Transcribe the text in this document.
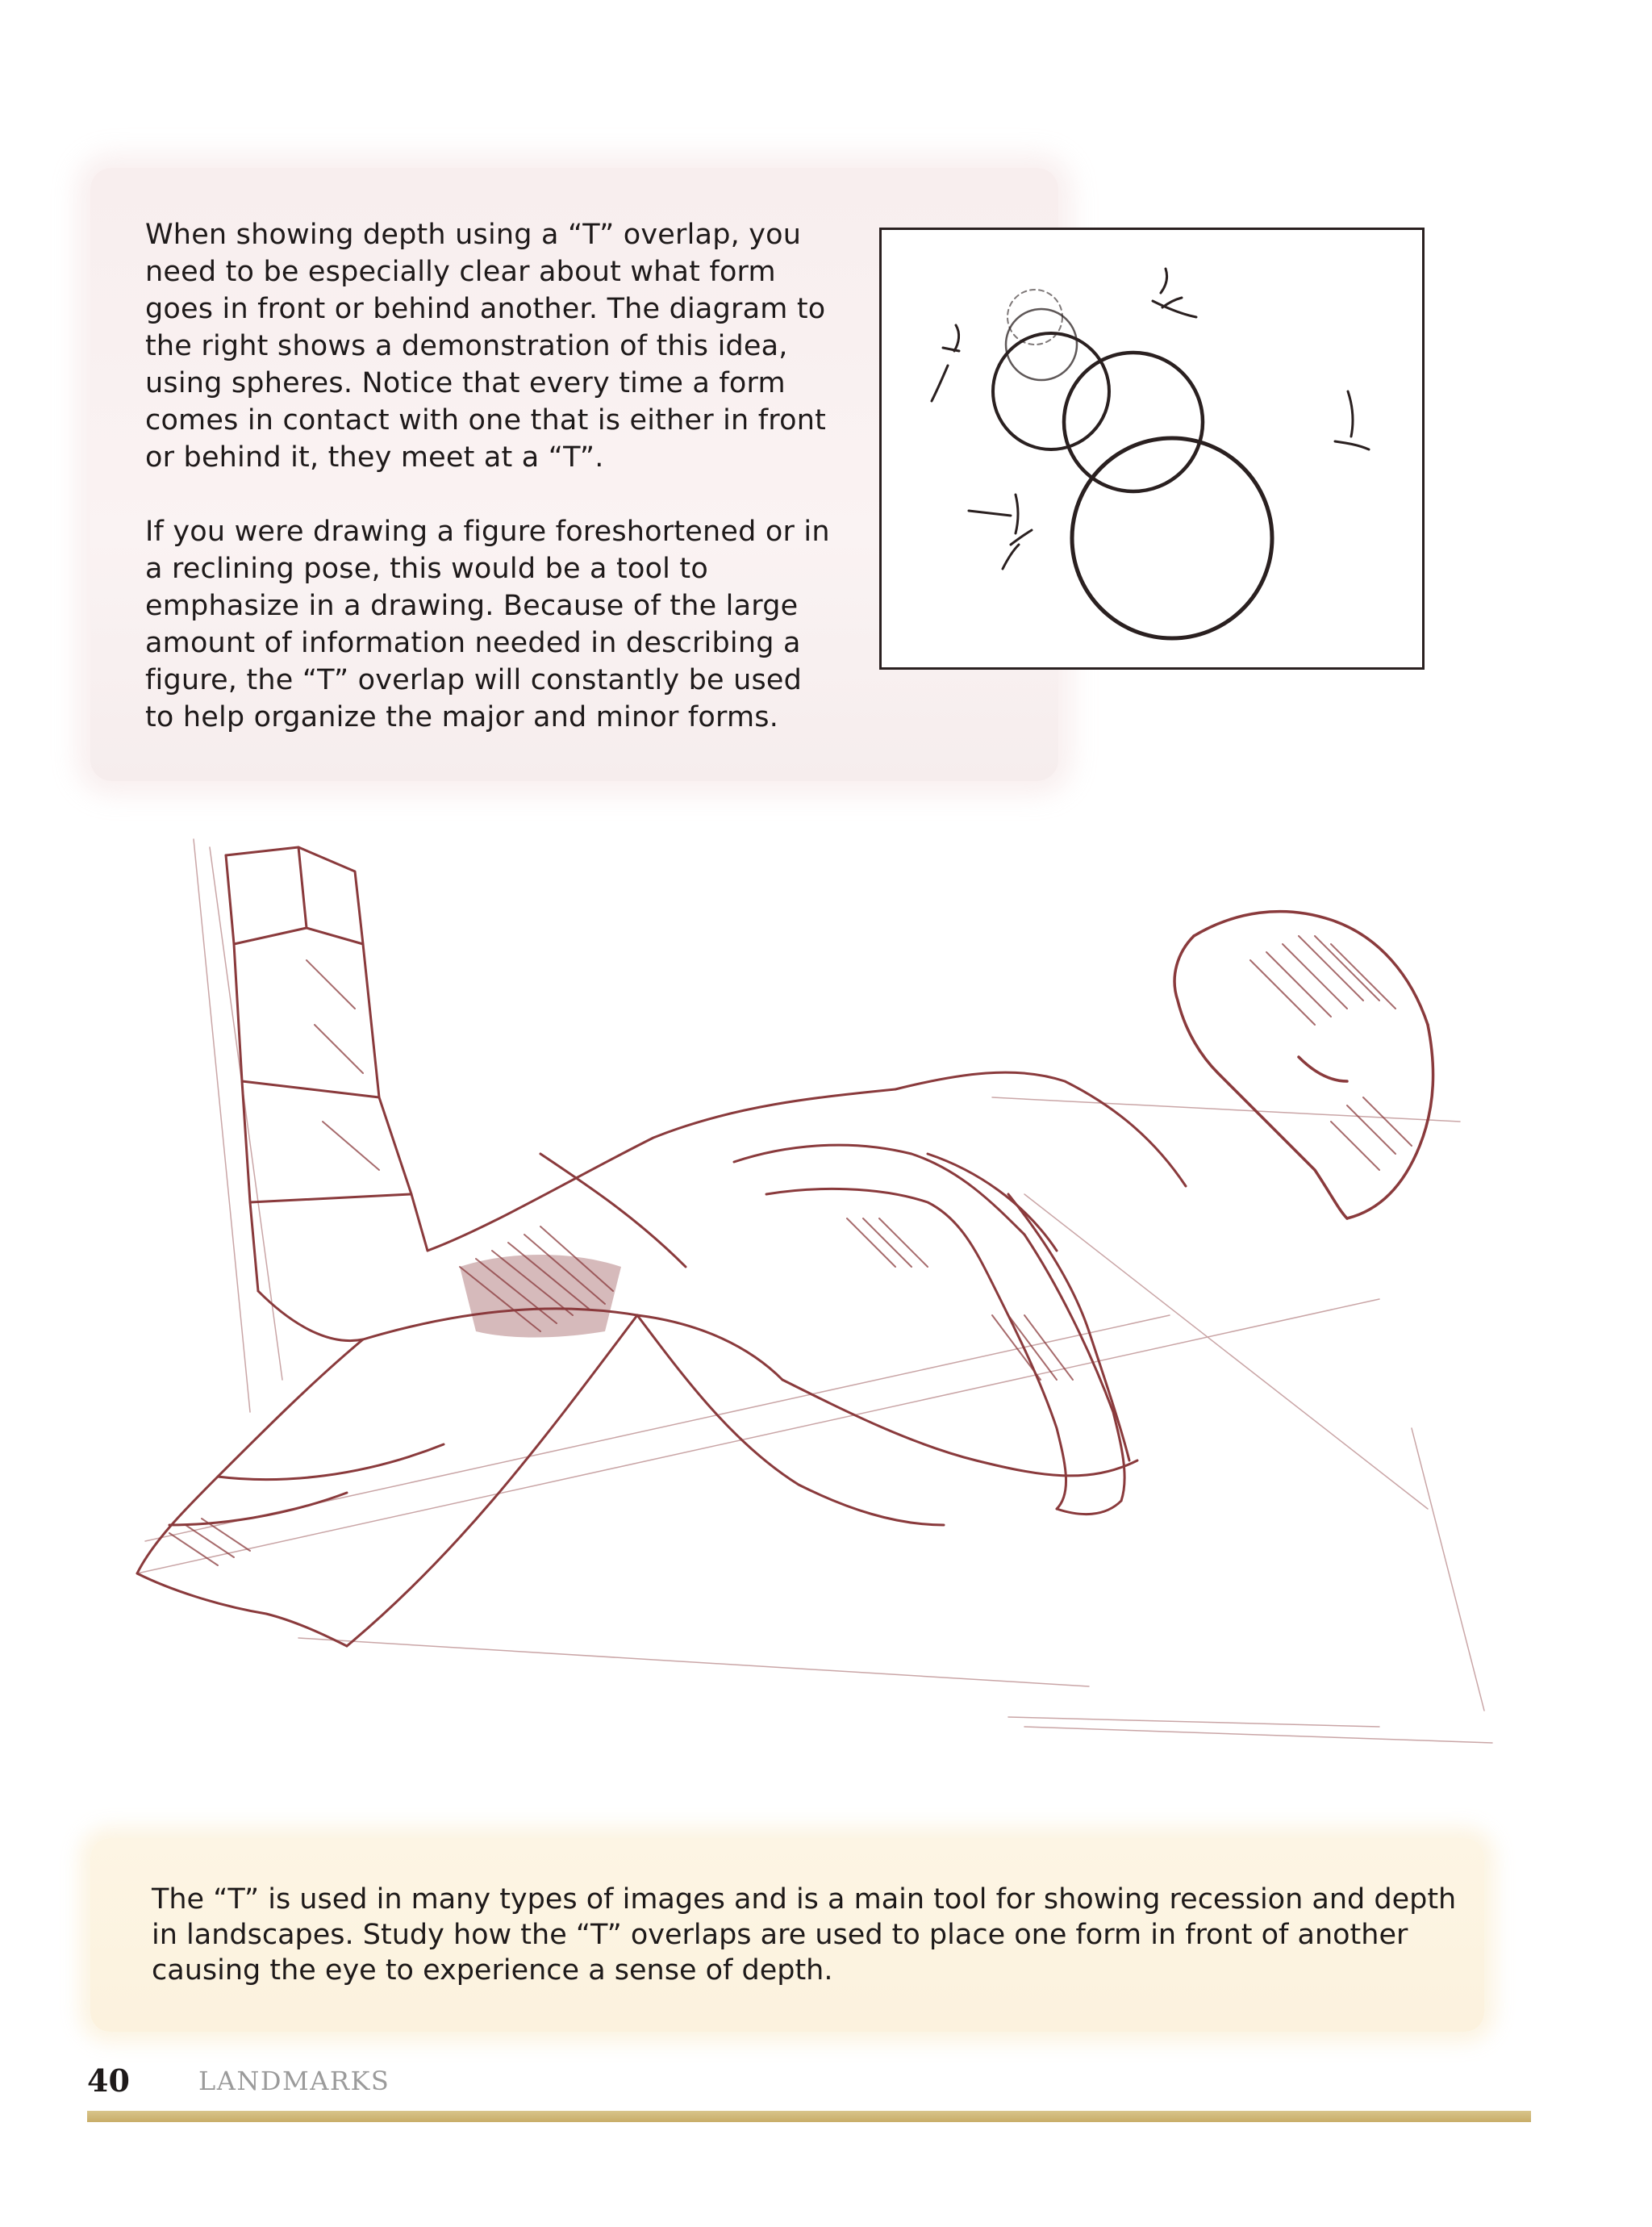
When showing depth using a “T” overlap, you need to be especially clear about what form goes in front or behind another. The diagram to the right shows a demonstration of this idea, using spheres. Notice that every time a form comes in contact with one that is either in front or behind it, they meet at a “T”.

If you were drawing a figure foreshortened or in a reclining pose, this would be a tool to emphasize in a drawing. Because of the large amount of information needed in describing a figure, the “T” overlap will constantly be used to help organize the major and minor forms.

The “T” is used in many types of images and is a main tool for showing recession and depth in landscapes. Study how the “T” overlaps are used to place one form in front of another causing the eye to experience a sense of depth.

40	LANDMARKS
